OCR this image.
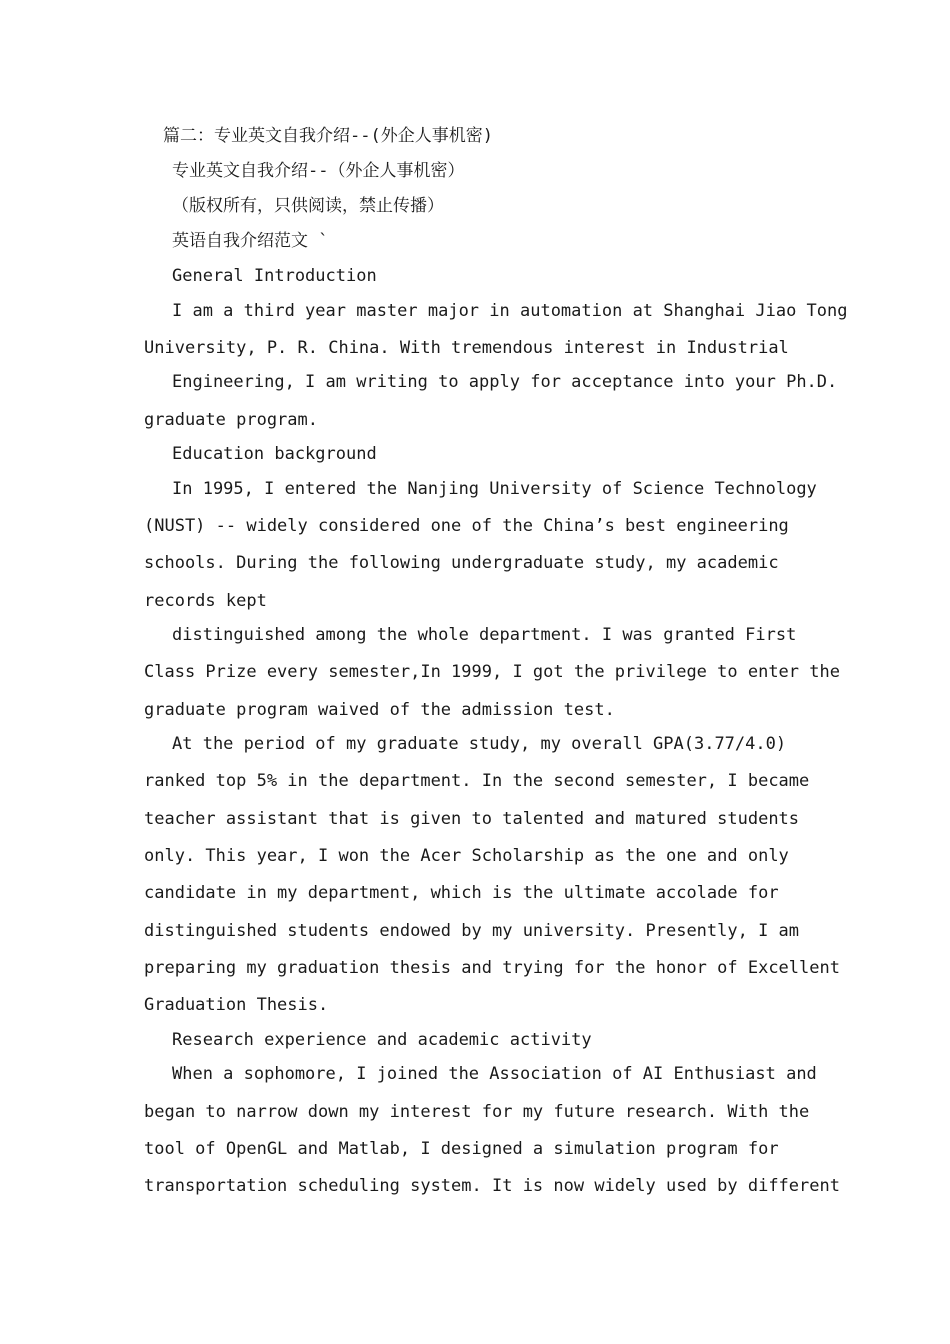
篇二：专业英文自我介绍--(外企人事机密)
专业英文自我介绍--（外企人事机密）
（版权所有，只供阅读，禁止传播）
英语自我介绍范文 `
General Introduction
I am a third year master major in automation at Shanghai Jiao Tong
University, P. R. China. With tremendous interest in Industrial
Engineering, I am writing to apply for acceptance into your Ph.D.
graduate program.
Education background
In 1995, I entered the Nanjing University of Science Technology
(NUST) -- widely considered one of the China’s best engineering
schools. During the following undergraduate study, my academic
records kept
distinguished among the whole department. I was granted First
Class Prize every semester,In 1999, I got the privilege to enter the
graduate program waived of the admission test.
At the period of my graduate study, my overall GPA(3.77/4.0)
ranked top 5% in the department. In the second semester, I became
teacher assistant that is given to talented and matured students
only. This year, I won the Acer Scholarship as the one and only
candidate in my department, which is the ultimate accolade for
distinguished students endowed by my university. Presently, I am
preparing my graduation thesis and trying for the honor of Excellent
Graduation Thesis.
Research experience and academic activity
When a sophomore, I joined the Association of AI Enthusiast and
began to narrow down my interest for my future research. With the
tool of OpenGL and Matlab, I designed a simulation program for
transportation scheduling system. It is now widely used by different
